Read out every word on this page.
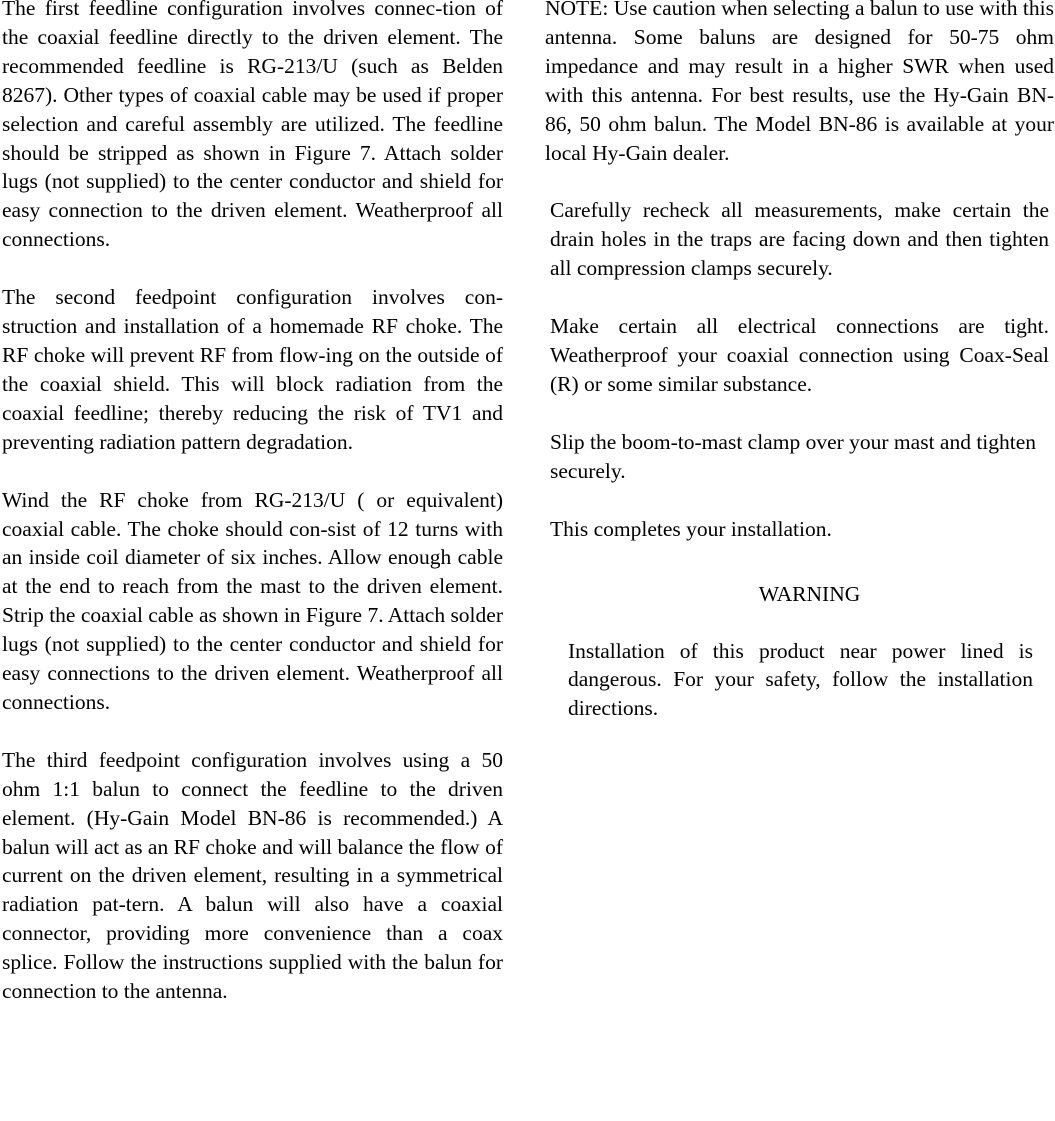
The first feedline configuration involves connec-tion of the coaxial feedline directly to the driven element. The recommended feedline is RG-213/U (such as Belden 8267). Other types of coaxial cable may be used if proper selection and careful assembly are utilized. The feedline should be stripped as shown in Figure 7. Attach solder lugs (not supplied) to the center conductor and shield for easy connection to the driven element. Weatherproof all connections.

The second feedpoint configuration involves con-struction and installation of a homemade RF choke. The RF choke will prevent RF from flow-ing on the outside of the coaxial shield. This will block radiation from the coaxial feedline; thereby reducing the risk of TV1 and preventing radiation pattern degradation.

Wind the RF choke from RG-213/U ( or equivalent) coaxial cable. The choke should con-sist of 12 turns with an inside coil diameter of six inches. Allow enough cable at the end to reach from the mast to the driven element. Strip the coaxial cable as shown in Figure 7. Attach solder lugs (not supplied) to the center conductor and shield for easy connections to the driven element. Weatherproof all connections.

The third feedpoint configuration involves using a 50 ohm 1:1 balun to connect the feedline to the driven element. (Hy-Gain Model BN-86 is recommended.) A balun will act as an RF choke and will balance the flow of current on the driven element, resulting in a symmetrical radiation pat-tern. A balun will also have a coaxial connector, providing more convenience than a coax splice. Follow the instructions supplied with the balun for connection to the antenna.

NOTE: Use caution when selecting a balun to use with this antenna. Some baluns are designed for 50-75 ohm impedance and may result in a higher SWR when used with this antenna. For best results, use the Hy-Gain BN-86, 50 ohm balun. The Model BN-86 is available at your local Hy-Gain dealer.

Carefully recheck all measurements, make certain the drain holes in the traps are facing down and then tighten all compression clamps securely.

Make certain all electrical connections are tight. Weatherproof your coaxial connection using Coax-Seal (R) or some similar substance.

Slip the boom-to-mast clamp over your mast and tighten securely.

This completes your installation.

WARNING

Installation of this product near power lined is dangerous. For your safety, follow the installation directions.
